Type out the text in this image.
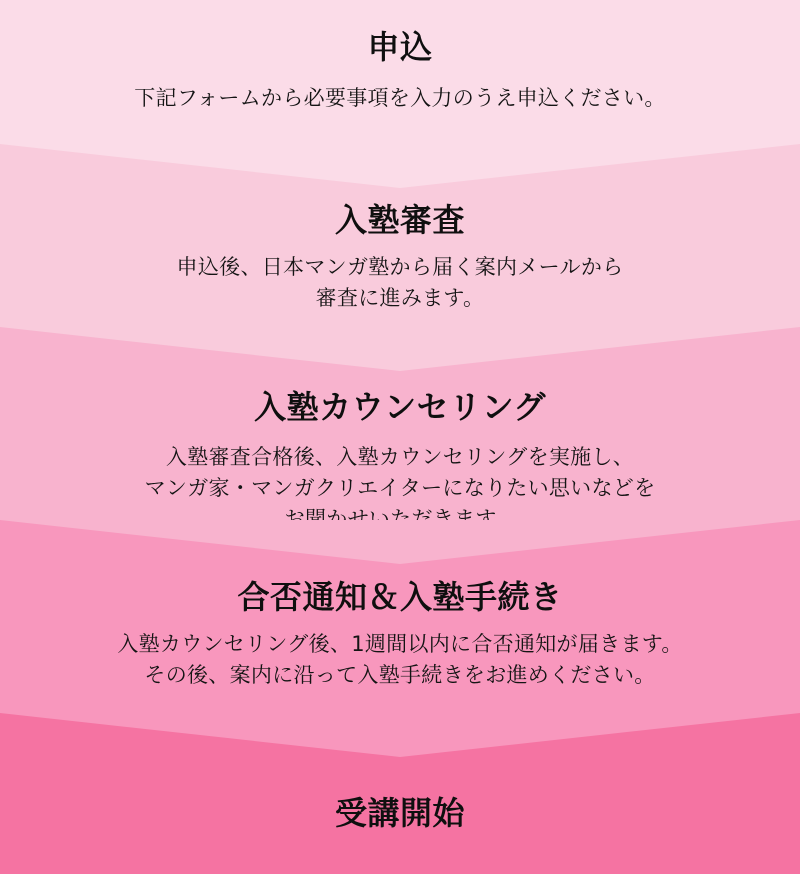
申込

下記フォームから必要事項を入力のうえ申込ください。

入塾審査

申込後、日本マンガ塾から届く案内メールから
審査に進みます。

入塾カウンセリング

入塾審査合格後、入塾カウンセリングを実施し、
マンガ家・マンガクリエイターになりたい思いなどを
お聞かせいただきます。

合否通知＆入塾手続き

入塾カウンセリング後、1週間以内に合否通知が届きます。
その後、案内に沿って入塾手続きをお進めください。

受講開始
